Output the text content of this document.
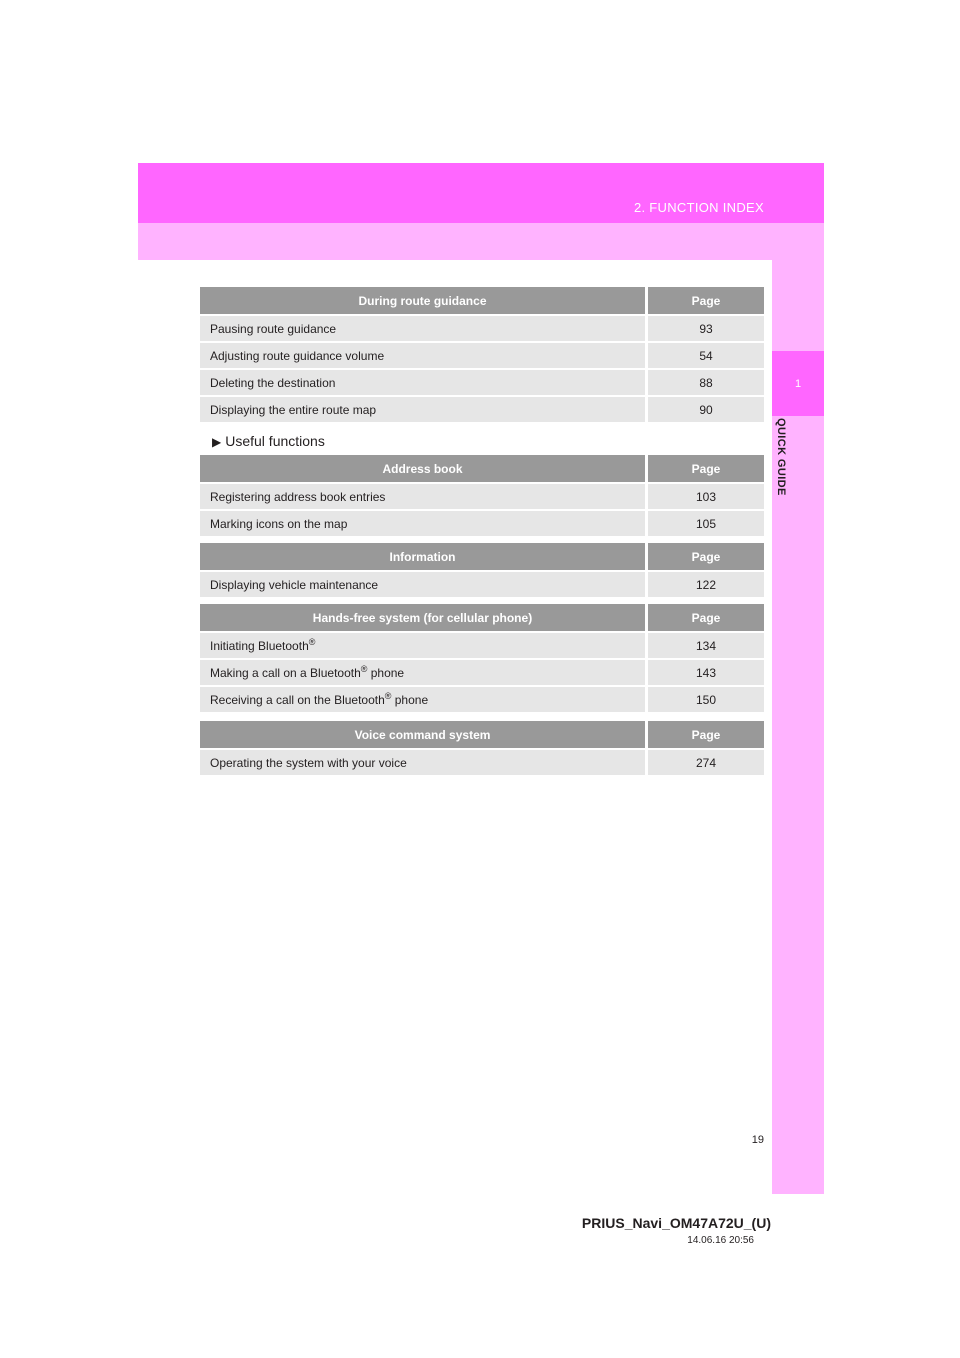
2. FUNCTION INDEX
1
QUICK GUIDE
During route guidance	Page
Pausing route guidance	93
Adjusting route guidance volume	54
Deleting the destination	88
Displaying the entire route map	90
▶ Useful functions
Address book	Page
Registering address book entries	103
Marking icons on the map	105
Information	Page
Displaying vehicle maintenance	122
Hands-free system (for cellular phone)	Page
Initiating Bluetooth®	134
Making a call on a Bluetooth® phone	143
Receiving a call on the Bluetooth® phone	150
Voice command system	Page
Operating the system with your voice	274
19
PRIUS_Navi_OM47A72U_(U)
14.06.16 20:56
